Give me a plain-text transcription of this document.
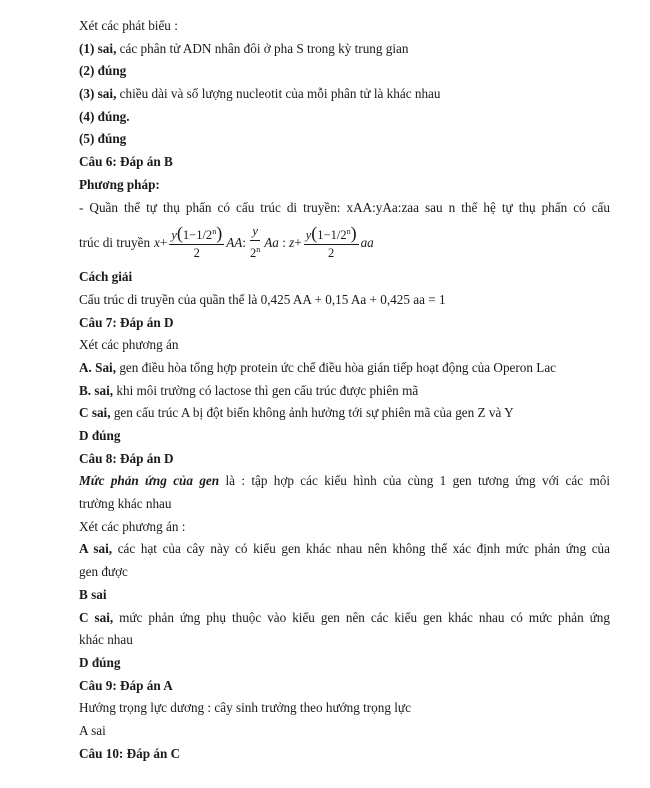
Xét các phát biểu :
(1) sai, các phân tử ADN nhân đôi ở pha S trong kỳ trung gian
(2) đúng
(3) sai, chiều dài và số lượng nucleotit của mỗi phân tử là khác nhau
(4) đúng.
(5) đúng
Câu 6: Đáp án B
Phương pháp:
- Quần thể tự thụ phấn có cấu trúc di truyền: xAA:yAa:zaa sau n thế hệ tự thụ phấn có cấu
trúc di truyền $x + \frac{y(1-1/2^n)}{2}$ AA : $\frac{y}{2^n}$ Aa : $z + \frac{y(1-1/2^n)}{2}$ aa
Cách giải
Cấu trúc di truyền của quần thể là 0,425 AA + 0,15 Aa + 0,425 aa = 1
Câu 7: Đáp án D
Xét các phương án
A. Sai, gen điều hòa tổng hợp protein ức chế điều hòa gián tiếp hoạt động của Operon Lac
B. sai, khi môi trường có lactose thì gen cấu trúc được phiên mã
C sai, gen cấu trúc A bị đột biến không ảnh hưởng tới sự phiên mã của gen Z và Y
D đúng
Câu 8: Đáp án D
Mức phản ứng của gen là : tập hợp các kiểu hình của cùng 1 gen tương ứng với các môi
trường khác nhau
Xét các phương án :
A sai, các hạt của cây này có kiểu gen khác nhau nên không thể xác định mức phản ứng của
gen được
B sai
C sai, mức phản ứng phụ thuộc vào kiểu gen nên các kiểu gen khác nhau có mức phản ứng
khác nhau
D đúng
Câu 9: Đáp án A
Hướng trọng lực dương : cây sinh trưởng theo hướng trọng lực
A sai
Câu 10: Đáp án C
